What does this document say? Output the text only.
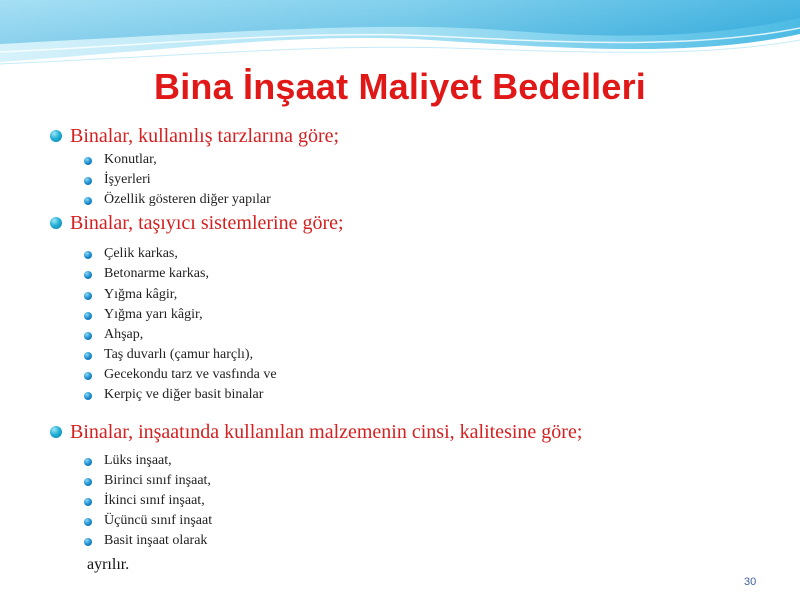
Bina İnşaat Maliyet Bedelleri
Binalar, kullanılış tarzlarına göre;
Konutlar,
İşyerleri
Özellik gösteren diğer yapılar
Binalar, taşıyıcı sistemlerine göre;
Çelik karkas,
Betonarme karkas,
Yığma kâgir,
Yığma yarı kâgir,
Ahşap,
Taş duvarlı (çamur harçlı),
Gecekondu tarz ve vasfında ve
Kerpiç ve diğer basit binalar
Binalar, inşaatında kullanılan malzemenin cinsi, kalitesine göre;
Lüks inşaat,
Birinci sınıf inşaat,
İkinci sınıf inşaat,
Üçüncü sınıf inşaat
Basit inşaat olarak
ayrılır.
30
